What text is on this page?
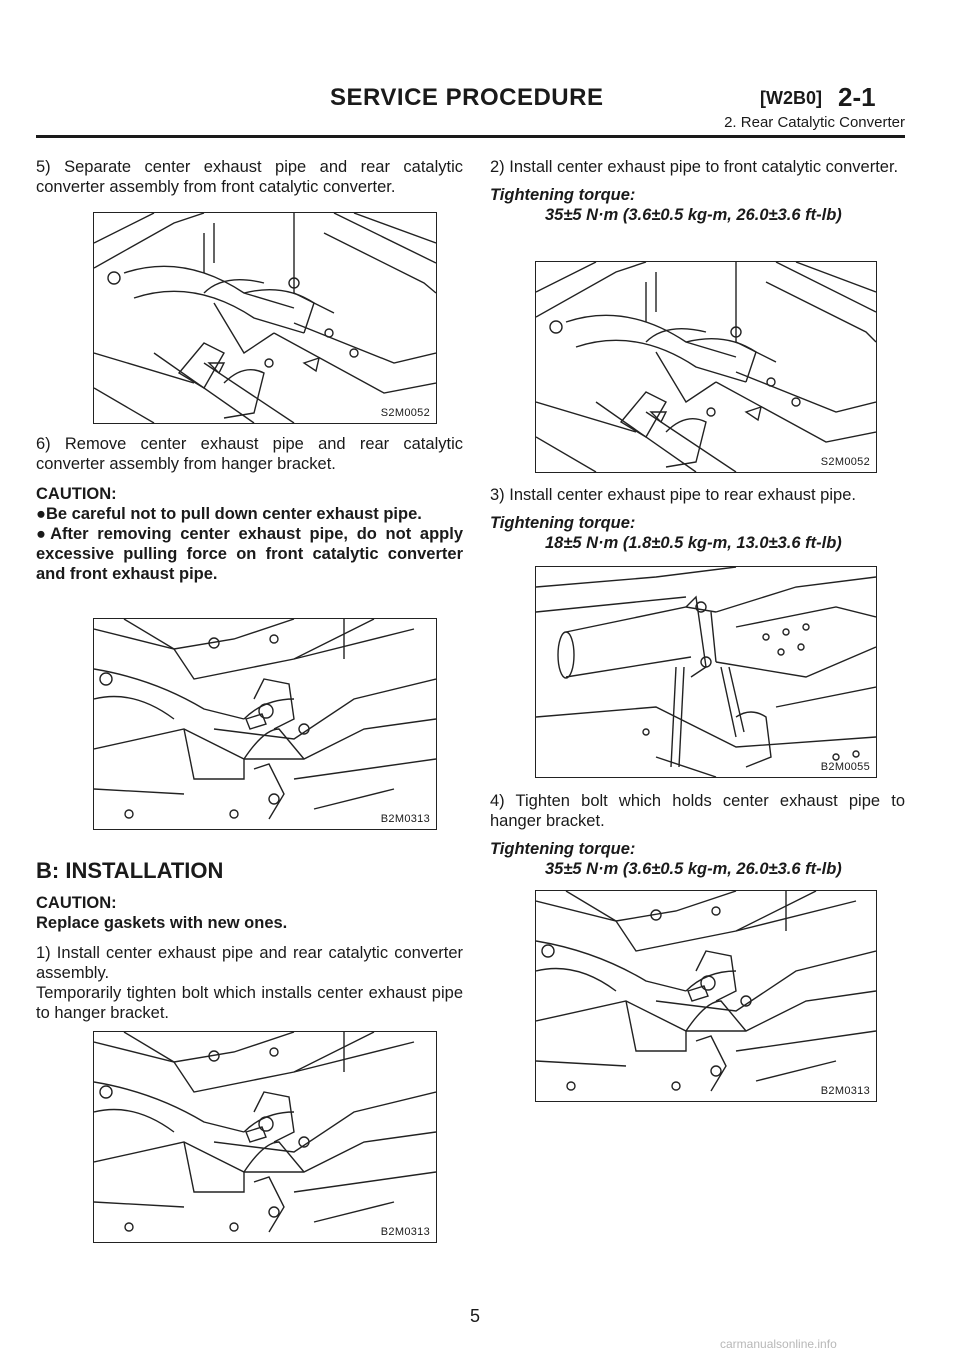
SERVICE PROCEDURE	[W2B0] 2-1
2. Rear Catalytic Converter

5) Separate center exhaust pipe and rear catalytic converter assembly from front catalytic converter.

S2M0052

6) Remove center exhaust pipe and rear catalytic converter assembly from hanger bracket.

CAUTION:

●Be careful not to pull down center exhaust pipe.

●After removing center exhaust pipe, do not apply excessive pulling force on front catalytic converter and front exhaust pipe.

B2M0313
B: INSTALLATION

CAUTION:

Replace gaskets with new ones.

1) Install center exhaust pipe and rear catalytic converter assembly.

Temporarily tighten bolt which installs center exhaust pipe to hanger bracket.

B2M0313

2) Install center exhaust pipe to front catalytic converter.

Tightening torque:

35±5 N·m (3.6±0.5 kg-m, 26.0±3.6 ft-lb)

S2M0052

3) Install center exhaust pipe to rear exhaust pipe.

Tightening torque:

18±5 N·m (1.8±0.5 kg-m, 13.0±3.6 ft-lb)

B2M0055

4) Tighten bolt which holds center exhaust pipe to hanger bracket.

Tightening torque:

35±5 N·m (3.6±0.5 kg-m, 26.0±3.6 ft-lb)

B2M0313
5
carmanualsonline.info
